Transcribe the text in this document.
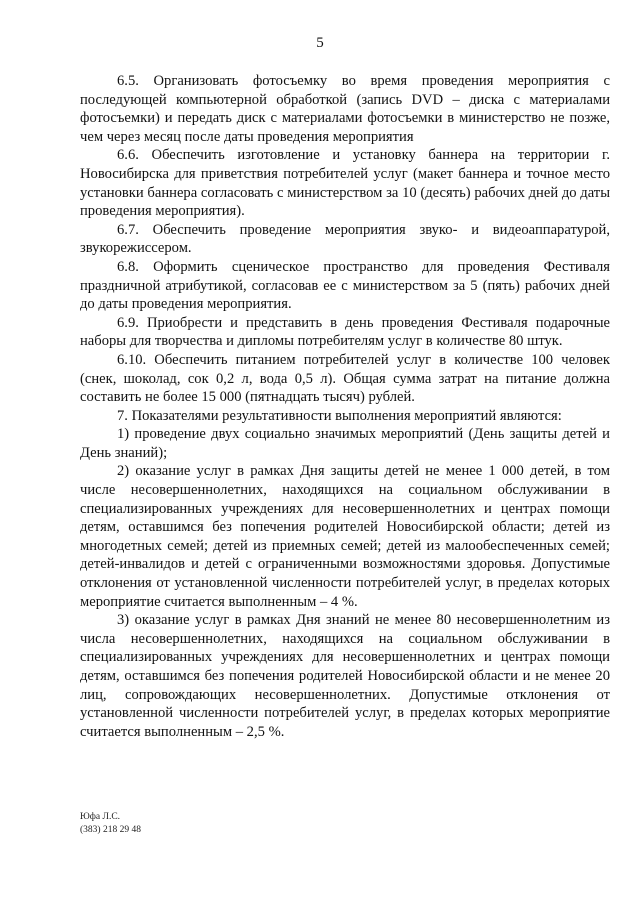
5

6.5. Организовать фотосъемку во время проведения мероприятия с последующей компьютерной обработкой (запись DVD – диска с материалами фотосъемки) и передать диск с материалами фотосъемки в министерство не позже, чем через месяц после даты проведения мероприятия

6.6. Обеспечить изготовление и установку баннера на территории г. Новосибирска для приветствия потребителей услуг (макет баннера и точное место установки баннера согласовать с министерством за 10 (десять) рабочих дней до даты проведения мероприятия).

6.7. Обеспечить проведение мероприятия звуко- и видеоаппаратурой, звукорежиссером.

6.8. Оформить сценическое пространство для проведения Фестиваля праздничной атрибутикой, согласовав ее с министерством за 5 (пять) рабочих дней до даты проведения мероприятия.

6.9. Приобрести и представить в день проведения Фестиваля подарочные наборы для творчества и дипломы потребителям услуг в количестве 80 штук.

6.10. Обеспечить питанием потребителей услуг в количестве 100 человек (снек, шоколад, сок 0,2 л, вода 0,5 л). Общая сумма затрат на питание должна составить не более 15 000 (пятнадцать тысяч) рублей.

7. Показателями результативности выполнения мероприятий являются:

1) проведение двух социально значимых мероприятий (День защиты детей и День знаний);

2) оказание услуг в рамках Дня защиты детей не менее 1 000 детей, в том числе несовершеннолетних, находящихся на социальном обслуживании в специализированных учреждениях для несовершеннолетних и центрах помощи детям, оставшимся без попечения родителей Новосибирской области; детей из многодетных семей; детей из приемных семей; детей из малообеспеченных семей; детей-инвалидов и детей с ограниченными возможностями здоровья. Допустимые отклонения от установленной численности потребителей услуг, в пределах которых мероприятие считается выполненным – 4 %.

3) оказание услуг в рамках Дня знаний не менее 80 несовершеннолетним из числа несовершеннолетних, находящихся на социальном обслуживании в специализированных учреждениях для несовершеннолетних и центрах помощи детям, оставшимся без попечения родителей Новосибирской области и не менее 20 лиц, сопровождающих несовершеннолетних. Допустимые отклонения от установленной численности потребителей услуг, в пределах которых мероприятие считается выполненным – 2,5 %.

Юфа Л.С.
(383) 218 29 48
